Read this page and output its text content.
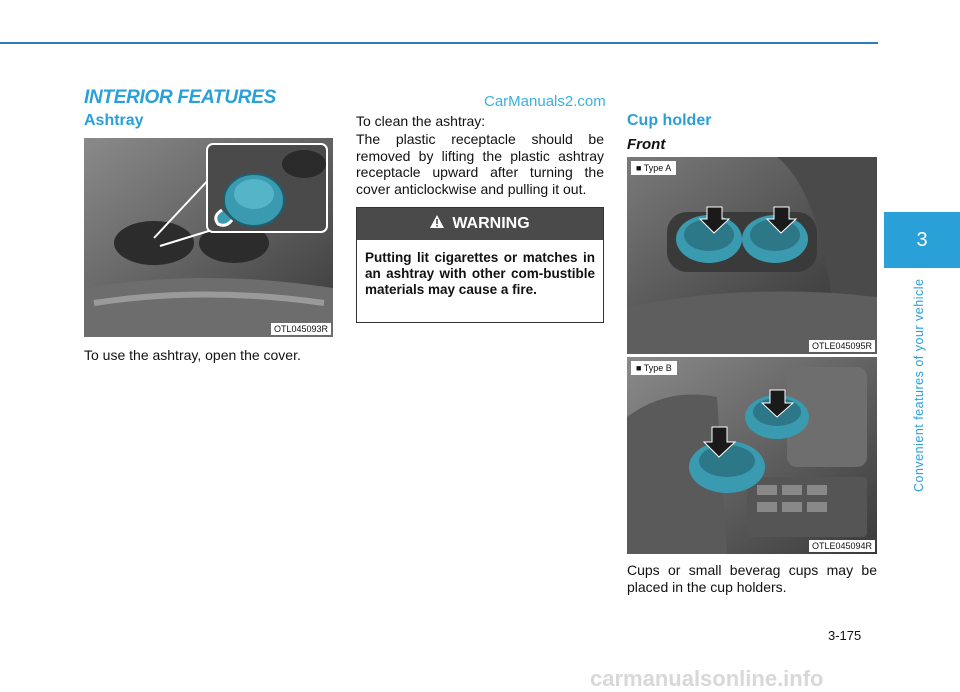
INTERIOR FEATURES	CarManuals2.com
Ashtray
OTL045093R
To use the ashtray, open the cover.
To clean the ashtray:
The plastic receptacle should be removed by lifting the plastic ashtray receptacle upward after turning the cover anticlockwise and pulling it out.
WARNING
Putting lit cigarettes or matches in an ashtray with other com-bustible materials may cause a fire.
Cup holder
Front
■ Type A
OTLE045095R
■ Type B
OTLE045094R
Cups or small beverag cups may be placed in the cup holders.
3
Convenient features of your vehicle
3-175
carmanualsonline.info
